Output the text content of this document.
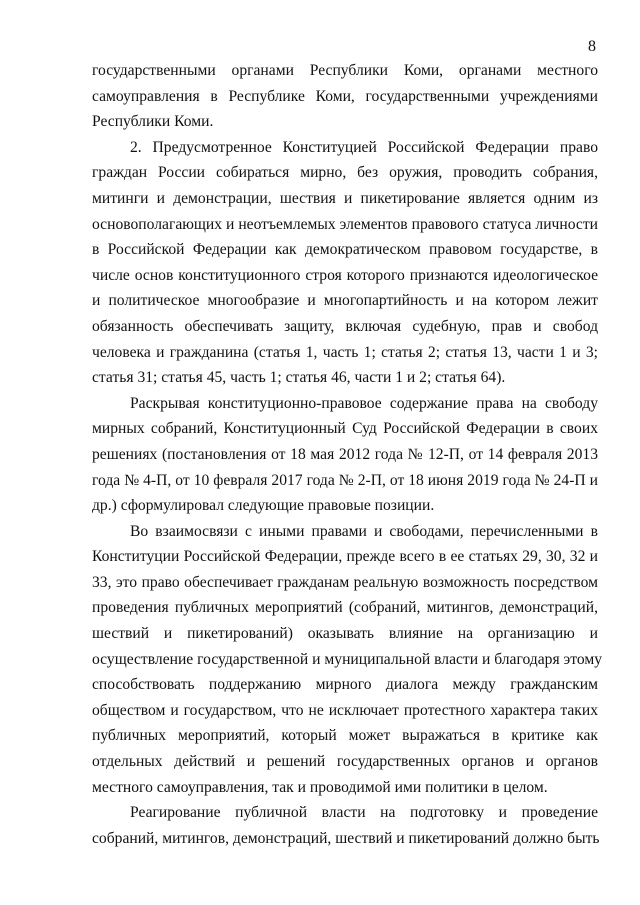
8

государственными органами Республики Коми, органами местного
самоуправления в Республике Коми, государственными учреждениями
Республики Коми.

2. Предусмотренное Конституцией Российской Федерации право
граждан России собираться мирно, без оружия, проводить собрания,
митинги и демонстрации, шествия и пикетирование является одним из
основополагающих и неотъемлемых элементов правового статуса личности
в Российской Федерации как демократическом правовом государстве, в
числе основ конституционного строя которого признаются идеологическое
и политическое многообразие и многопартийность и на котором лежит
обязанность обеспечивать защиту, включая судебную, прав и свобод
человека и гражданина (статья 1, часть 1; статья 2; статья 13, части 1 и 3;
статья 31; статья 45, часть 1; статья 46, части 1 и 2; статья 64).

Раскрывая конституционно-правовое содержание права на свободу
мирных собраний, Конституционный Суд Российской Федерации в своих
решениях (постановления от 18 мая 2012 года № 12-П, от 14 февраля 2013
года № 4-П, от 10 февраля 2017 года № 2-П, от 18 июня 2019 года № 24-П и
др.) сформулировал следующие правовые позиции.

Во взаимосвязи с иными правами и свободами, перечисленными в
Конституции Российской Федерации, прежде всего в ее статьях 29, 30, 32 и
33, это право обеспечивает гражданам реальную возможность посредством
проведения публичных мероприятий (собраний, митингов, демонстраций,
шествий и пикетирований) оказывать влияние на организацию и
осуществление государственной и муниципальной власти и благодаря этому
способствовать поддержанию мирного диалога между гражданским
обществом и государством, что не исключает протестного характера таких
публичных мероприятий, который может выражаться в критике как
отдельных действий и решений государственных органов и органов
местного самоуправления, так и проводимой ими политики в целом.

Реагирование публичной власти на подготовку и проведение
собраний, митингов, демонстраций, шествий и пикетирований должно быть
